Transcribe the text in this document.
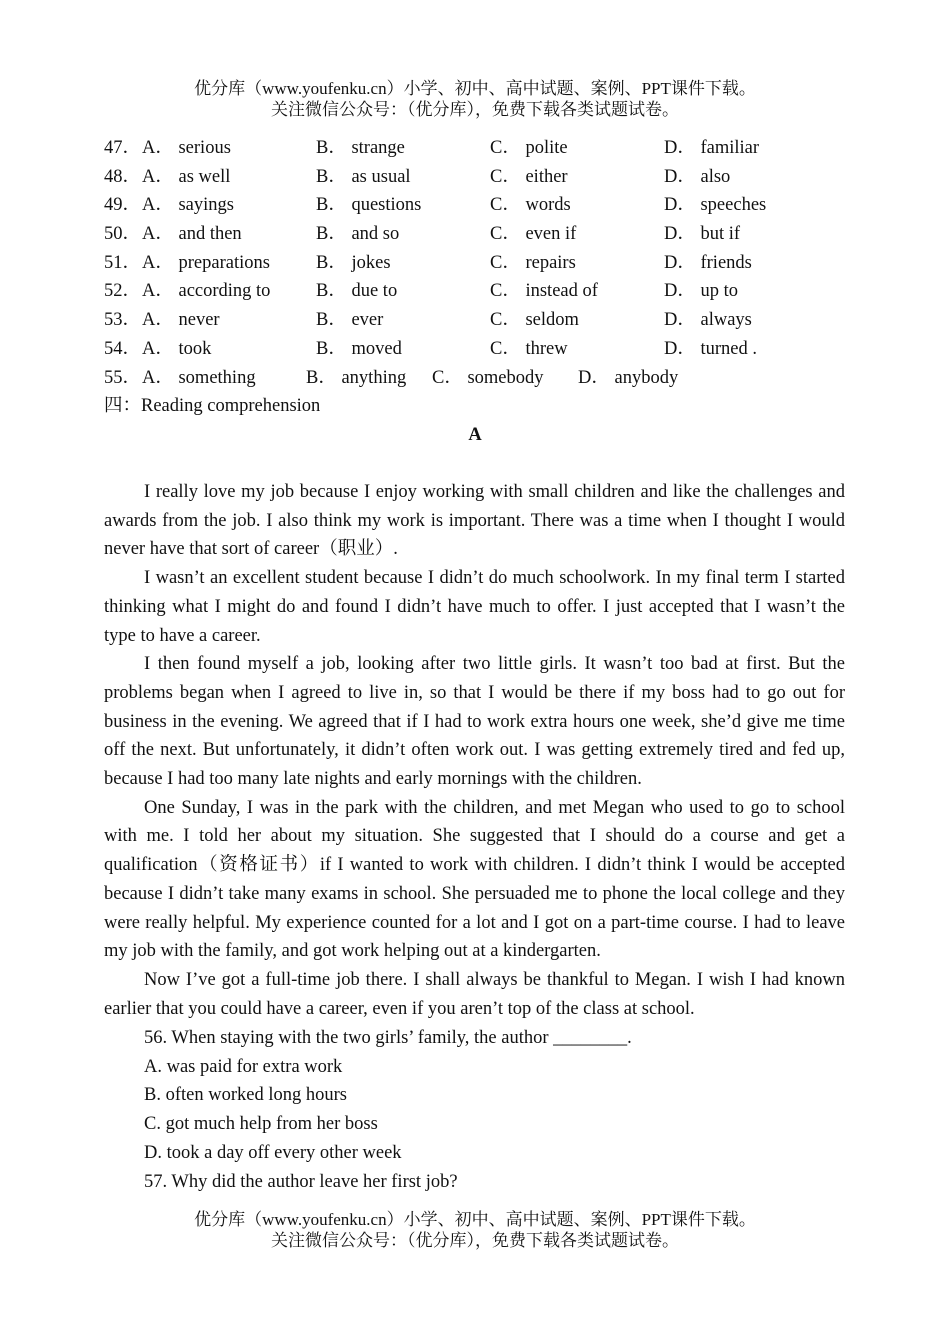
优分库（www.youfenku.cn）小学、初中、高中试题、案例、PPT课件下载。
关注微信公众号：（优分库），免费下载各类试题试卷。
47． A． serious	B． strange	C． polite	D． familiar
48． A． as well	B． as usual	C． either	D． also
49． A． sayings	B． questions	C． words	D． speeches
50． A． and then	B． and so	C． even if	D． but if
51． A． preparations B． jokes	C． repairs	D． friends
52． A． according to B． due to	C． instead of	D． up to
53． A． never	B． ever	C． seldom	D． always
54． A． took	B． moved	C． threw	D． turned .
55． A． something	B． anything C． somebody D． anybody
四：Reading comprehension
A

I really love my job because I enjoy working with small children and like the challenges and awards from the job. I also think my work is important. There was a time when I thought I would never have that sort of career（职业）.

I wasn’t an excellent student because I didn’t do much schoolwork. In my final term I started thinking what I might do and found I didn’t have much to offer. I just accepted that I wasn’t the type to have a career.

I then found myself a job, looking after two little girls. It wasn’t too bad at first. But the problems began when I agreed to live in, so that I would be there if my boss had to go out for business in the evening. We agreed that if I had to work extra hours one week, she’d give me time off the next. But unfortunately, it didn’t often work out. I was getting extremely tired and fed up, because I had too many late nights and early mornings with the children.

One Sunday, I was in the park with the children, and met Megan who used to go to school with me. I told her about my situation. She suggested that I should do a course and get a qualification（资格证书）if I wanted to work with children. I didn’t think I would be accepted because I didn’t take many exams in school. She persuaded me to phone the local college and they were really helpful. My experience counted for a lot and I got on a part-time course. I had to leave my job with the family, and got work helping out at a kindergarten.

Now I’ve got a full-time job there. I shall always be thankful to Megan. I wish I had known earlier that you could have a career, even if you aren’t top of the class at school.

56. When staying with the two girls’ family, the author ________.
A. was paid for extra work
B. often worked long hours
C. got much help from her boss
D. took a day off every other week
57. Why did the author leave her first job?
优分库（www.youfenku.cn）小学、初中、高中试题、案例、PPT课件下载。
关注微信公众号：（优分库），免费下载各类试题试卷。
